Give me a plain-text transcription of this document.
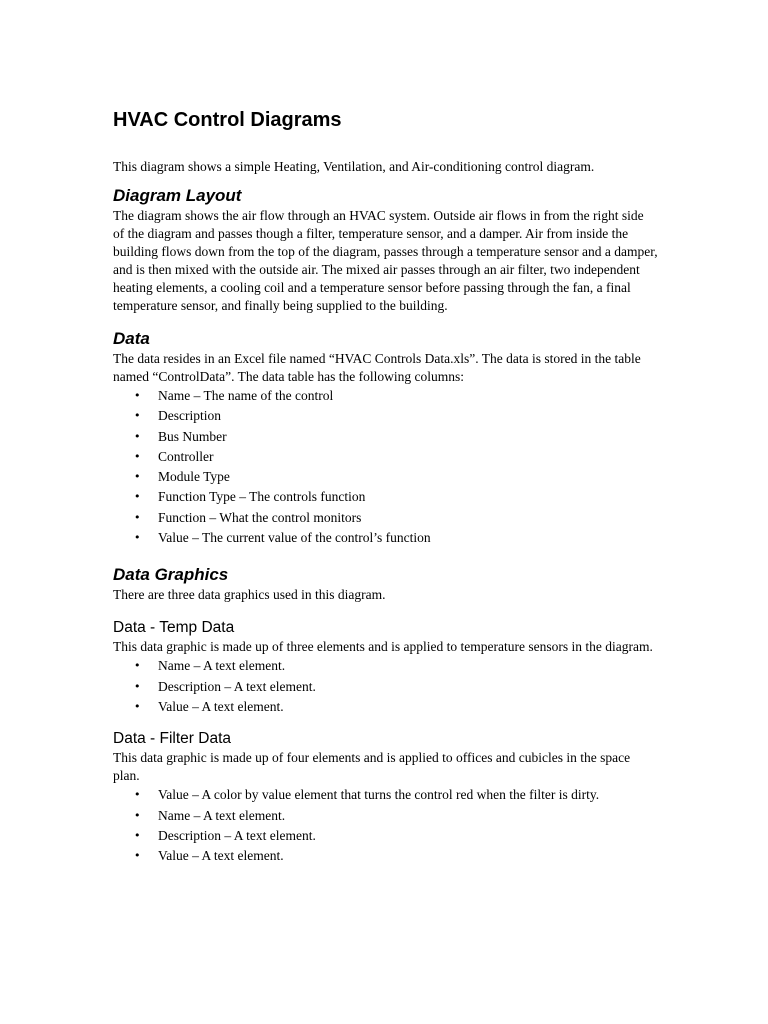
HVAC Control Diagrams

This diagram shows a simple Heating, Ventilation, and Air-conditioning control diagram.

Diagram Layout

The diagram shows the air flow through an HVAC system. Outside air flows in from the right side of the diagram and passes though a filter, temperature sensor, and a damper. Air from inside the building flows down from the top of the diagram, passes through a temperature sensor and a damper, and is then mixed with the outside air. The mixed air passes through an air filter, two independent heating elements, a cooling coil and a temperature sensor before passing through the fan, a final temperature sensor, and finally being supplied to the building.

Data

The data resides in an Excel file named “HVAC Controls Data.xls”. The data is stored in the table named “ControlData”. The data table has the following columns:

• Name – The name of the control
• Description
• Bus Number
• Controller
• Module Type
• Function Type – The controls function
• Function – What the control monitors
• Value – The current value of the control’s function
Data Graphics

There are three data graphics used in this diagram.

Data - Temp Data

This data graphic is made up of three elements and is applied to temperature sensors in the diagram.

• Name – A text element.
• Description – A text element.
• Value – A text element.
Data - Filter Data

This data graphic is made up of four elements and is applied to offices and cubicles in the space plan.

• Value – A color by value element that turns the control red when the filter is dirty.
• Name – A text element.
• Description – A text element.
• Value – A text element.
